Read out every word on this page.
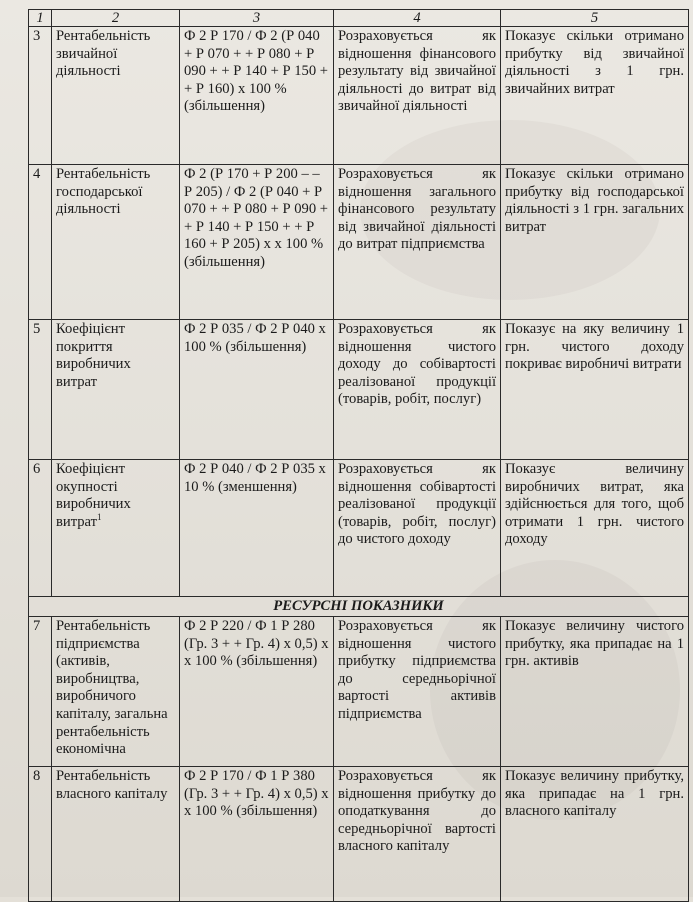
1	2	3	4	5
3	Рентабельність звичайної діяльності	Ф 2 Р 170 / Ф 2 (Р 040 + Р 070 + + Р 080 + Р 090 + + Р 140 + Р 150 + + Р 160) х 100 % (збільшення)	Розраховується як відношення фінансового результату від звичайної діяльності до витрат від звичайної діяльності	Показує скільки отримано прибутку від звичайної діяльності з 1 грн. звичайних витрат
4	Рентабельність господарської діяльності	Ф 2 (Р 170 + Р 200 – – Р 205) / Ф 2 (Р 040 + Р 070 + + Р 080 + Р 090 + + Р 140 + Р 150 + + Р 160 + Р 205) х х 100 % (збільшення)	Розраховується як відношення загального фінансового результату від звичайної діяльності до витрат підприємства	Показує скільки отримано прибутку від господарської діяльності з 1 грн. загальних витрат
5	Коефіцієнт покриття виробничих витрат	Ф 2 Р 035 / Ф 2 Р 040 х 100 % (збільшення)	Розраховується як відношення чистого доходу до собівартості реалізованої продукції (товарів, робіт, послуг)	Показує на яку величину 1 грн. чистого доходу покриває виробничі витрати
6	Коефіцієнт окупності виробничих витрат$^1$	Ф 2 Р 040 / Ф 2 Р 035 х 10 % (зменшення)	Розраховується як відношення собівартості реалізованої продукції (товарів, робіт, послуг) до чистого доходу	Показує величину виробничих витрат, яка здійснюється для того, щоб отримати 1 грн. чистого доходу
РЕСУРСНІ ПОКАЗНИКИ				
7	Рентабельність підприємства (активів, виробництва, виробничого капіталу, загальна рентабельність економічна	Ф 2 Р 220 / Ф 1 Р 280 (Гр. 3 + + Гр. 4) х 0,5) х х 100 % (збільшення)	Розраховується як відношення чистого прибутку підприємства до середньорічної вартості активів підприємства	Показує величину чистого прибутку, яка припадає на 1 грн. активів
8	Рентабельність власного капіталу	Ф 2 Р 170 / Ф 1 Р 380 (Гр. 3 + + Гр. 4) х 0,5) х х 100 % (збільшення)	Розраховується як відношення прибутку до оподаткування до середньорічної вартості власного капіталу	Показує величину прибутку, яка припадає на 1 грн. власного капіталу
